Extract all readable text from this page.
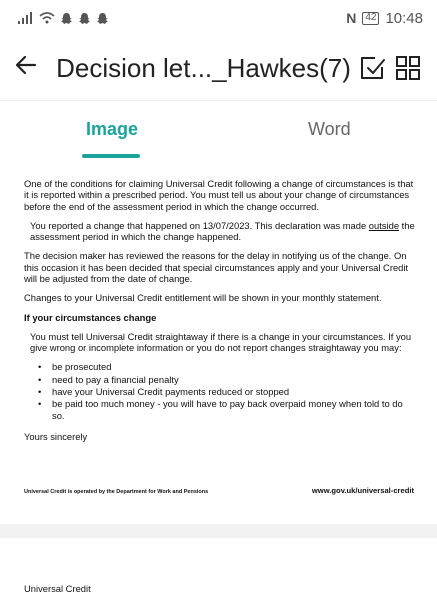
N 42 10:48
Decision let..._Hawkes(7)
Image	Word

One of the conditions for claiming Universal Credit following a change of circumstances is that it is reported within a prescribed period. You must tell us about your change of circumstances before the end of the assessment period in which the change occurred.

You reported a change that happened on 13/07/2023. This declaration was made outside the assessment period in which the change happened.

The decision maker has reviewed the reasons for the delay in notifying us of the change. On this occasion it has been decided that special circumstances apply and your Universal Credit will be adjusted from the date of change.

Changes to your Universal Credit entitlement will be shown in your monthly statement.

If your circumstances change

You must tell Universal Credit straightaway if there is a change in your circumstances. If you give wrong or incomplete information or you do not report changes straightaway you may:

• be prosecuted
• need to pay a financial penalty
• have your Universal Credit payments reduced or stopped
• be paid too much money - you will have to pay back overpaid money when told to do so.

Yours sincerely

Universal Credit is operated by the Department for Work and Pensions	www.gov.uk/universal-credit
Universal Credit
